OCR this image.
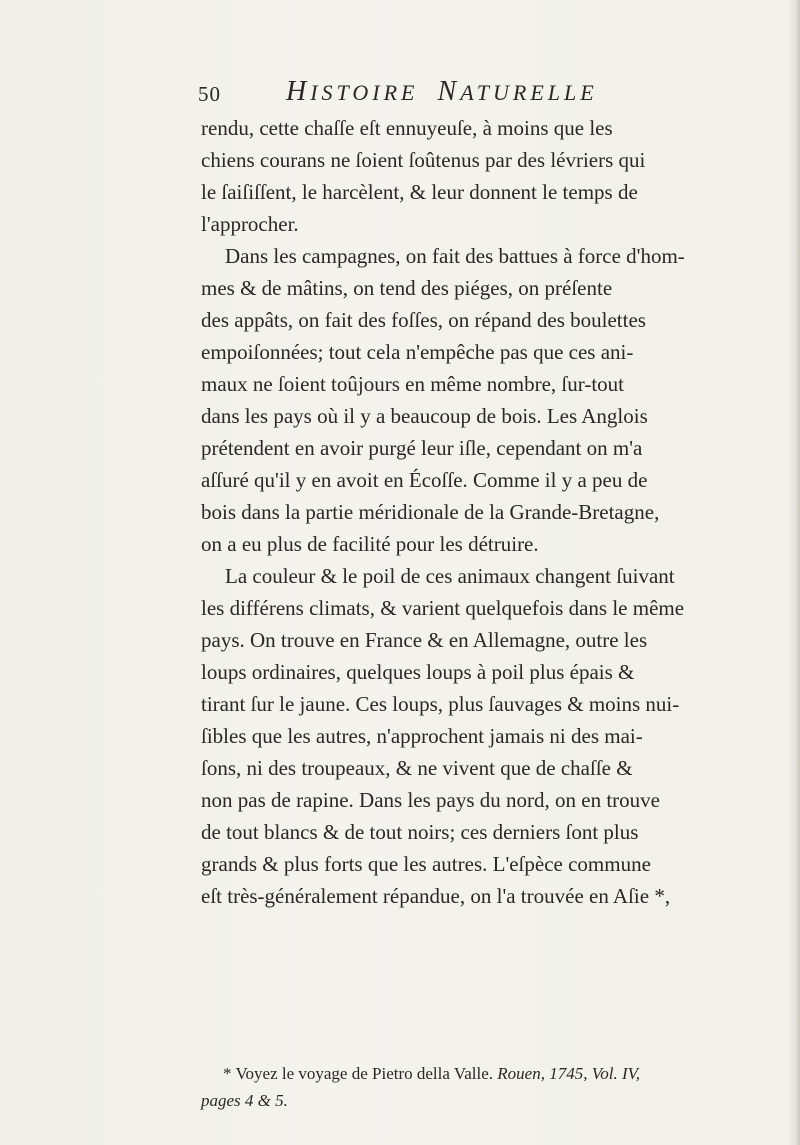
50 HISTOIRE NATURELLE
rendu, cette chaſſe eſt ennuyeuſe, à moins que les
chiens courans ne ſoient ſoûtenus par des lévriers qui
le ſaiſiſſent, le harcèlent, & leur donnent le temps de
l'approcher.
Dans les campagnes, on fait des battues à force d'hom-
mes & de mâtins, on tend des piéges, on préſente
des appâts, on fait des foſſes, on répand des boulettes
empoiſonnées; tout cela n'empêche pas que ces ani-
maux ne ſoient toûjours en même nombre, ſur-tout
dans les pays où il y a beaucoup de bois. Les Anglois
prétendent en avoir purgé leur iſle, cependant on m'a
aſſuré qu'il y en avoit en Écoſſe. Comme il y a peu de
bois dans la partie méridionale de la Grande-Bretagne,
on a eu plus de facilité pour les détruire.
La couleur & le poil de ces animaux changent ſuivant
les différens climats, & varient quelquefois dans le même
pays. On trouve en France & en Allemagne, outre les
loups ordinaires, quelques loups à poil plus épais &
tirant ſur le jaune. Ces loups, plus ſauvages & moins nui-
ſibles que les autres, n'approchent jamais ni des mai-
ſons, ni des troupeaux, & ne vivent que de chaſſe &
non pas de rapine. Dans les pays du nord, on en trouve
de tout blancs & de tout noirs; ces derniers ſont plus
grands & plus forts que les autres. L'eſpèce commune
eſt très-généralement répandue, on l'a trouvée en Aſie *,
* Voyez le voyage de Pietro della Valle. Rouen, 1745, Vol. IV,
pages 4 & 5.
